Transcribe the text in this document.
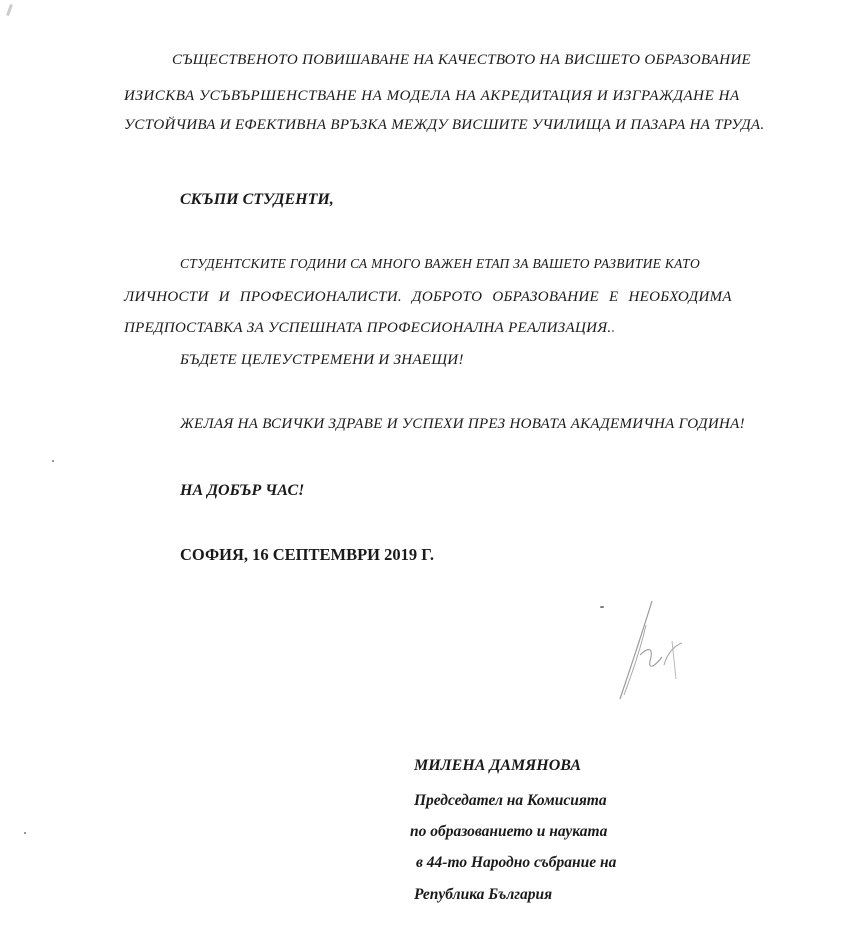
СЪЩЕСТВЕНОТО ПОВИШАВАНЕ НА КАЧЕСТВОТО НА ВИСШЕТО ОБРАЗОВАНИЕ
ИЗИСКВА УСЪВЪРШЕНСТВАНЕ НА МОДЕЛА НА АКРЕДИТАЦИЯ И ИЗГРАЖДАНЕ НА
УСТОЙЧИВА И ЕФЕКТИВНА ВРЪЗКА МЕЖДУ ВИСШИТЕ УЧИЛИЩА И ПАЗАРА НА ТРУДА.
СКЪПИ СТУДЕНТИ,
СТУДЕНТСКИТЕ ГОДИНИ СА МНОГО ВАЖЕН ЕТАП ЗА ВАШЕТО РАЗВИТИЕ КАТО
ЛИЧНОСТИ И ПРОФЕСИОНАЛИСТИ. ДОБРОТО ОБРАЗОВАНИЕ Е НЕОБХОДИМА
ПРЕДПОСТАВКА ЗА УСПЕШНАТА ПРОФЕСИОНАЛНА РЕАЛИЗАЦИЯ.
БЪДЕТЕ ЦЕЛЕУСТРЕМЕНИ И ЗНАЕЩИ!
ЖЕЛАЯ НА ВСИЧКИ ЗДРАВЕ И УСПЕХИ ПРЕЗ НОВАТА АКАДЕМИЧНА ГОДИНА!
НА ДОБЪР ЧАС!
СОФИЯ, 16 СЕПТЕМВРИ 2019 Г.
МИЛЕНА ДАМЯНОВА
Председател на Комисията
по образованието и науката
в 44-то Народно събрание на
Република България
